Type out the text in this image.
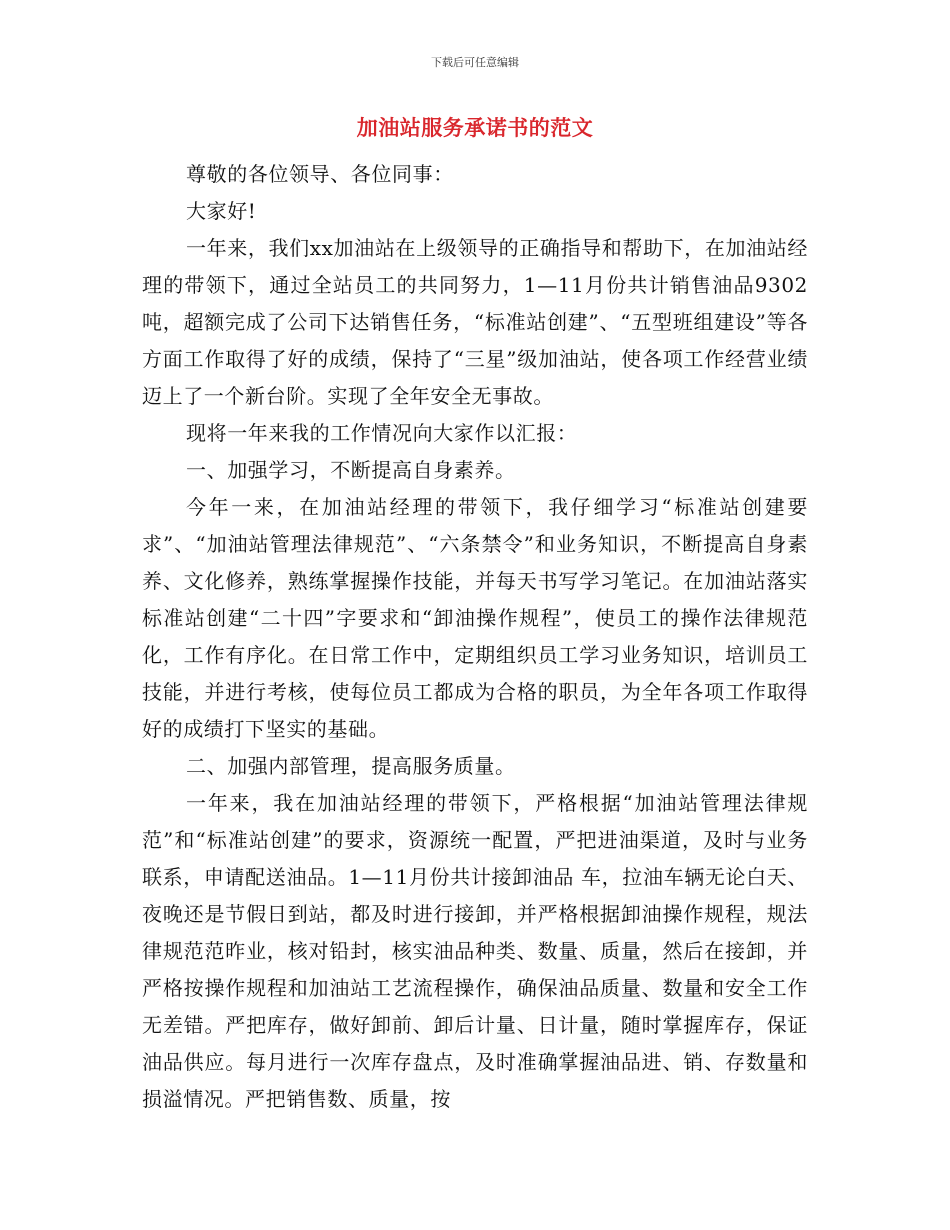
下载后可任意编辑
加油站服务承诺书的范文

尊敬的各位领导、各位同事：

大家好!

一年来，我们xx加油站在上级领导的正确指导和帮助下，在加油站经理的带领下，通过全站员工的共同努力，1—11月份共计销售油品9302 吨，超额完成了公司下达销售任务，“标准站创建”、“五型班组建设”等各方面工作取得了好的成绩，保持了“三星”级加油站，使各项工作经营业绩迈上了一个新台阶。实现了全年安全无事故。

现将一年来我的工作情况向大家作以汇报：

一、加强学习，不断提高自身素养。

今年一来，在加油站经理的带领下，我仔细学习“标准站创建要求”、“加油站管理法律规范”、“六条禁令”和业务知识，不断提高自身素养、文化修养，熟练掌握操作技能，并每天书写学习笔记。在加油站落实标准站创建“二十四”字要求和“卸油操作规程”，使员工的操作法律规范化，工作有序化。在日常工作中，定期组织员工学习业务知识，培训员工技能，并进行考核，使每位员工都成为合格的职员，为全年各项工作取得好的成绩打下坚实的基础。

二、加强内部管理，提高服务质量。

一年来，我在加油站经理的带领下，严格根据“加油站管理法律规范”和“标准站创建”的要求，资源统一配置，严把进油渠道，及时与业务联系，申请配送油品。1—11月份共计接卸油品 车，拉油车辆无论白天、夜晚还是节假日到站，都及时进行接卸，并严格根据卸油操作规程，规法律规范范昨业，核对铅封，核实油品种类、数量、质量，然后在接卸，并严格按操作规程和加油站工艺流程操作，确保油品质量、数量和安全工作无差错。严把库存，做好卸前、卸后计量、日计量，随时掌握库存，保证油品供应。每月进行一次库存盘点，及时准确掌握油品进、销、存数量和损溢情况。严把销售数、质量，按
